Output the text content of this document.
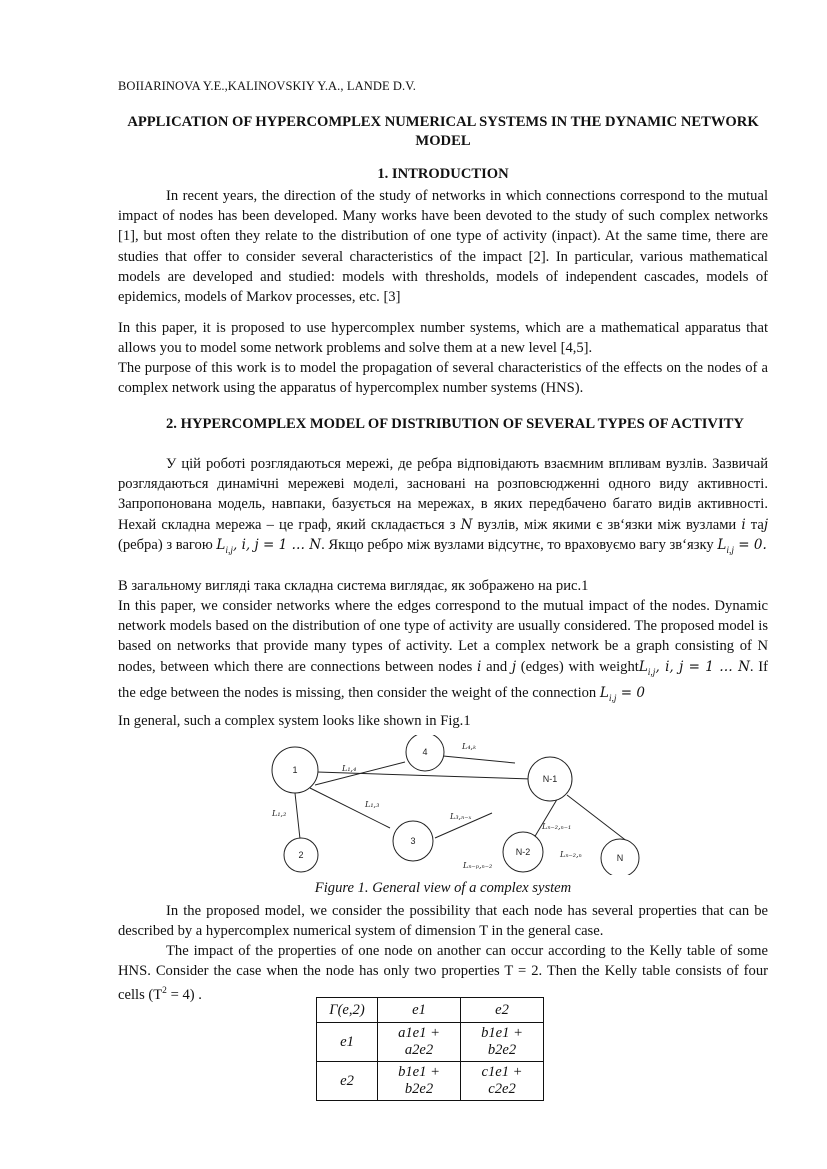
BOIIARINOVA Y.E.,KALINOVSKIY Y.A., LANDE D.V.
APPLICATION OF HYPERCOMPLEX NUMERICAL SYSTEMS IN THE DYNAMIC NETWORK MODEL
1. INTRODUCTION
In recent years, the direction of the study of networks in which connections correspond to the mutual impact of nodes has been developed. Many works have been devoted to the study of such complex networks [1], but most often they relate to the distribution of one type of activity (inpact). At the same time, there are studies that offer to consider several characteristics of the impact [2]. In particular, various mathematical models are developed and studied: models with thresholds, models of independent cascades, models of epidemics, models of Markov processes, etc. [3]
In this paper, it is proposed to use hypercomplex number systems, which are a mathematical apparatus that allows you to model some network problems and solve them at a new level [4,5].
The purpose of this work is to model the propagation of several characteristics of the effects on the nodes of a complex network using the apparatus of hypercomplex number systems (HNS).
2. HYPERCOMPLEX MODEL OF DISTRIBUTION OF SEVERAL TYPES OF ACTIVITY
У цій роботі розглядаються мережі, де ребра відповідають взаємним впливам вузлів. Зазвичай розглядаються динамічні мережеві моделі, засновані на розповсюдженні одного виду активності. Запропонована модель, навпаки, базується на мережах, в яких передбачено багато видів активності. Нехай складна мережа – це граф, який складається з N вузлів, між якими є зв‘язки між вузлами i таj (ребра) з вагою $L_{i,j}$, i, j = 1 … N. Якщо ребро між вузлами відсутнє, то враховуємо вагу зв‘язку $L_{i,j} = 0$.
В загальному вигляді така складна система виглядає, як зображено на рис.1
In this paper, we consider networks where the edges correspond to the mutual impact of the nodes. Dynamic network models based on the distribution of one type of activity are usually considered. The proposed model is based on networks that provide many types of activity. Let a complex network be a graph consisting of N nodes, between which there are connections between nodes i and j (edges) with weightL$_{i,j}$, i, j = 1 … N. If the edge between the nodes is missing, then consider the weight of the connection $L_{i,j} = 0$
In general, such a complex system looks like shown in Fig.1
1
4
N-1
2
3
N-2
N
L₁,₄
L₄,ₖ
L₁,₃
L₁,₂	L₃,ₙ₋ₓ
Lₙ₋₂,ₙ₋₁
Lₙ₋₂,ₙ
Lₙ₋ₚ,ₙ₋₂
Figure 1. General view of a complex system
In the proposed model, we consider the possibility that each node has several properties that can be described by a hypercomplex numerical system of dimension T in the general case.
The impact of the properties of one node on another can occur according to the Kelly table of some HNS. Consider the case when the node has only two properties T = 2. Then the Kelly table consists of four cells $(T^2 = 4)$ .
Γ(e,2)	e1	e2
e1	a1e1 + a2e2	b1e1 + b2e2
e2	b1e1 + b2e2	c1e1 + c2e2
